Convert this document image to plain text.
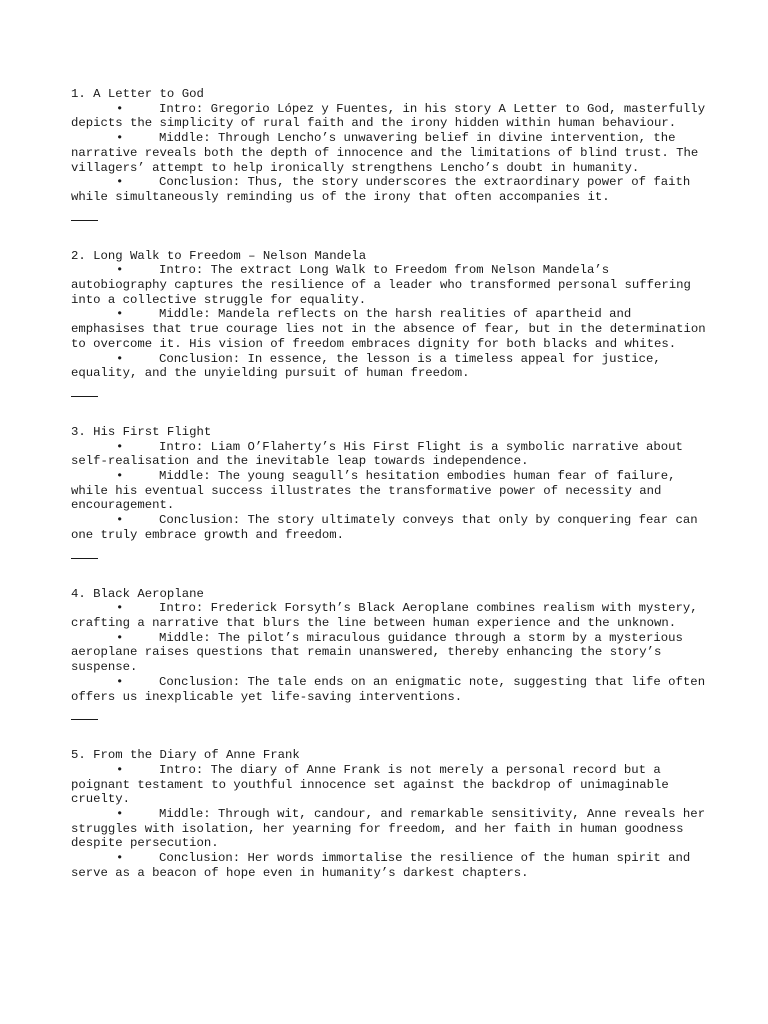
1. A Letter to God

•	Intro: Gregorio López y Fuentes, in his story A Letter to God, masterfully depicts the simplicity of rural faith and the irony hidden within human behaviour.

•	Middle: Through Lencho’s unwavering belief in divine intervention, the narrative reveals both the depth of innocence and the limitations of blind trust. The villagers’ attempt to help ironically strengthens Lencho’s doubt in humanity.

•	Conclusion: Thus, the story underscores the extraordinary power of faith while simultaneously reminding us of the irony that often accompanies it.

2. Long Walk to Freedom – Nelson Mandela

•	Intro: The extract Long Walk to Freedom from Nelson Mandela’s autobiography captures the resilience of a leader who transformed personal suffering into a collective struggle for equality.

•	Middle: Mandela reflects on the harsh realities of apartheid and emphasises that true courage lies not in the absence of fear, but in the determination to overcome it. His vision of freedom embraces dignity for both blacks and whites.

•	Conclusion: In essence, the lesson is a timeless appeal for justice, equality, and the unyielding pursuit of human freedom.

3. His First Flight

•	Intro: Liam O’Flaherty’s His First Flight is a symbolic narrative about self-realisation and the inevitable leap towards independence.

•	Middle: The young seagull’s hesitation embodies human fear of failure, while his eventual success illustrates the transformative power of necessity and encouragement.

•	Conclusion: The story ultimately conveys that only by conquering fear can one truly embrace growth and freedom.

4. Black Aeroplane

•	Intro: Frederick Forsyth’s Black Aeroplane combines realism with mystery, crafting a narrative that blurs the line between human experience and the unknown.

•	Middle: The pilot’s miraculous guidance through a storm by a mysterious aeroplane raises questions that remain unanswered, thereby enhancing the story’s suspense.

•	Conclusion: The tale ends on an enigmatic note, suggesting that life often offers us inexplicable yet life-saving interventions.

5. From the Diary of Anne Frank

•	Intro: The diary of Anne Frank is not merely a personal record but a poignant testament to youthful innocence set against the backdrop of unimaginable cruelty.

•	Middle: Through wit, candour, and remarkable sensitivity, Anne reveals her struggles with isolation, her yearning for freedom, and her faith in human goodness despite persecution.

•	Conclusion: Her words immortalise the resilience of the human spirit and serve as a beacon of hope even in humanity’s darkest chapters.
